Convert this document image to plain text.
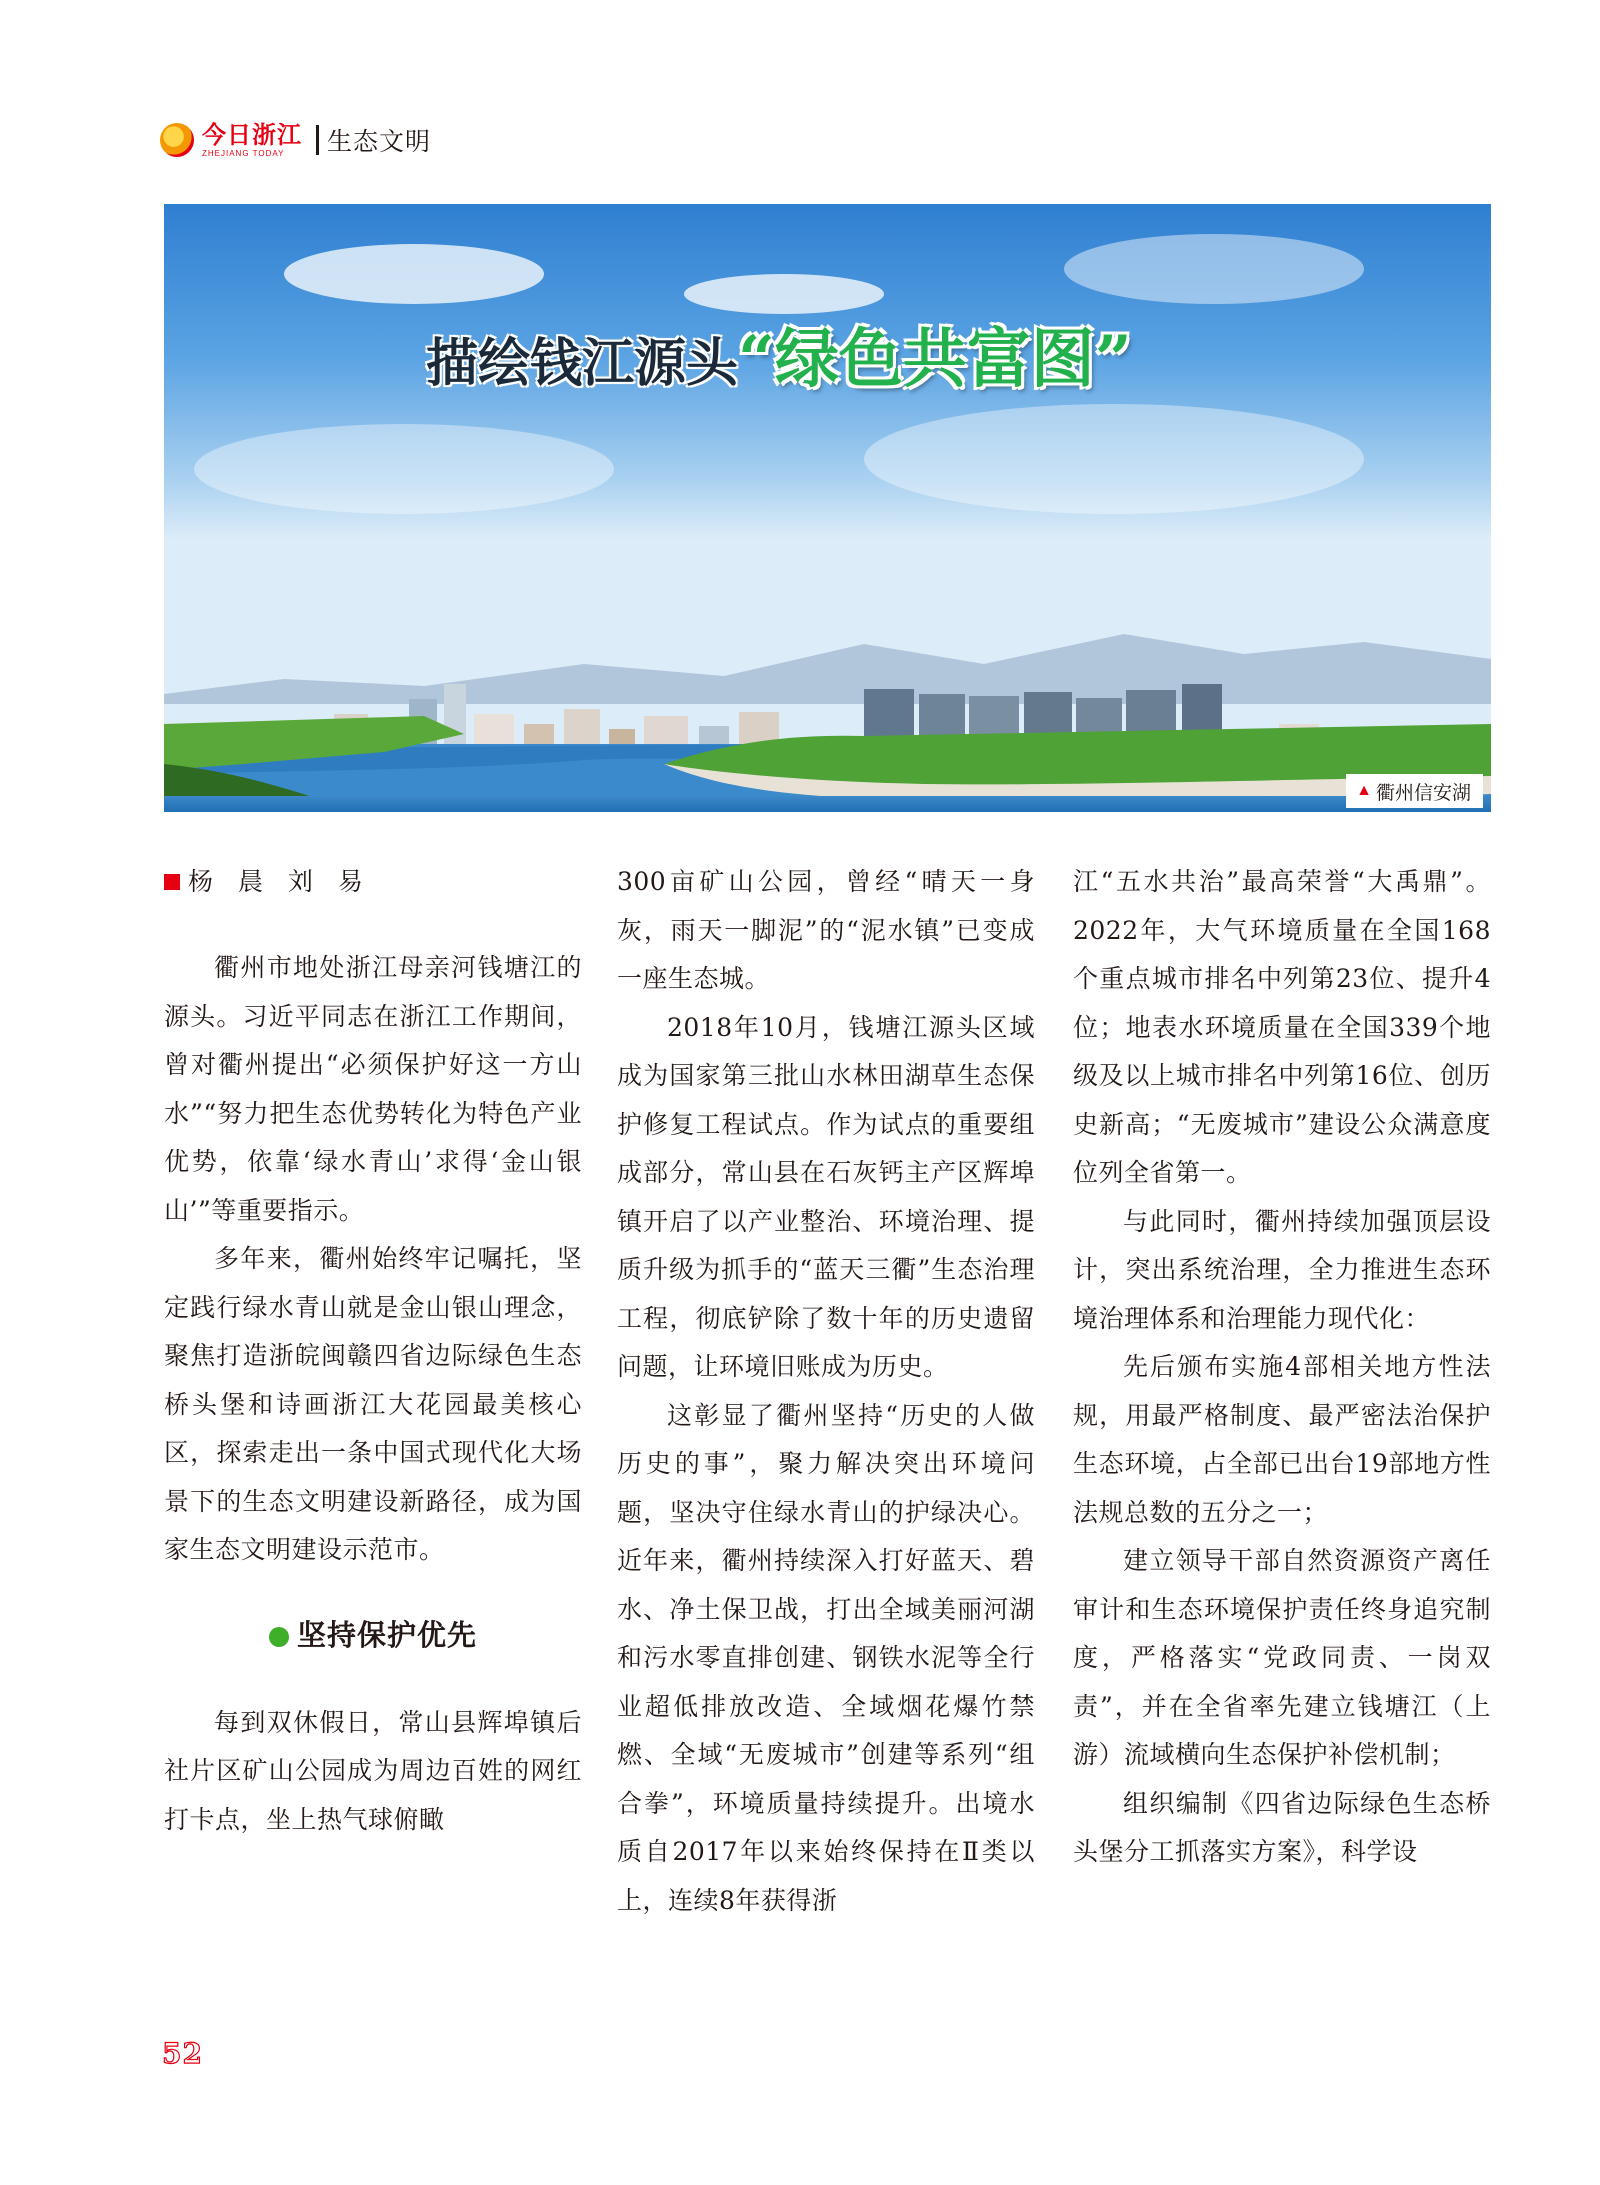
今日浙江
ZHEJIANG TODAY	生态文明
描绘钱江源头“绿色共富图”
▲ 衢州信安湖
杨 晨 刘 易

衢州市地处浙江母亲河钱塘江的源头。习近平同志在浙江工作期间，曾对衢州提出“必须保护好这一方山水”“努力把生态优势转化为特色产业优势，依靠‘绿水青山’求得‘金山银山’”等重要指示。

多年来，衢州始终牢记嘱托，坚定践行绿水青山就是金山银山理念，聚焦打造浙皖闽赣四省边际绿色生态桥头堡和诗画浙江大花园最美核心区，探索走出一条中国式现代化大场景下的生态文明建设新路径，成为国家生态文明建设示范市。

坚持保护优先

每到双休假日，常山县辉埠镇后社片区矿山公园成为周边百姓的网红打卡点，坐上热气球俯瞰

300亩矿山公园，曾经“晴天一身灰，雨天一脚泥”的“泥水镇”已变成一座生态城。

2018年10月，钱塘江源头区域成为国家第三批山水林田湖草生态保护修复工程试点。作为试点的重要组成部分，常山县在石灰钙主产区辉埠镇开启了以产业整治、环境治理、提质升级为抓手的“蓝天三衢”生态治理工程，彻底铲除了数十年的历史遗留问题，让环境旧账成为历史。

这彰显了衢州坚持“历史的人做历史的事”，聚力解决突出环境问题，坚决守住绿水青山的护绿决心。近年来，衢州持续深入打好蓝天、碧水、净土保卫战，打出全域美丽河湖和污水零直排创建、钢铁水泥等全行业超低排放改造、全域烟花爆竹禁燃、全域“无废城市”创建等系列“组合拳”，环境质量持续提升。出境水质自2017年以来始终保持在Ⅱ类以上，连续8年获得浙

江“五水共治”最高荣誉“大禹鼎”。2022年，大气环境质量在全国168个重点城市排名中列第23位、提升4位；地表水环境质量在全国339个地级及以上城市排名中列第16位、创历史新高；“无废城市”建设公众满意度位列全省第一。

与此同时，衢州持续加强顶层设计，突出系统治理，全力推进生态环境治理体系和治理能力现代化：

先后颁布实施4部相关地方性法规，用最严格制度、最严密法治保护生态环境，占全部已出台19部地方性法规总数的五分之一；

建立领导干部自然资源资产离任审计和生态环境保护责任终身追究制度，严格落实“党政同责、一岗双责”，并在全省率先建立钱塘江（上游）流域横向生态保护补偿机制；

组织编制《四省边际绿色生态桥头堡分工抓落实方案》，科学设

52
